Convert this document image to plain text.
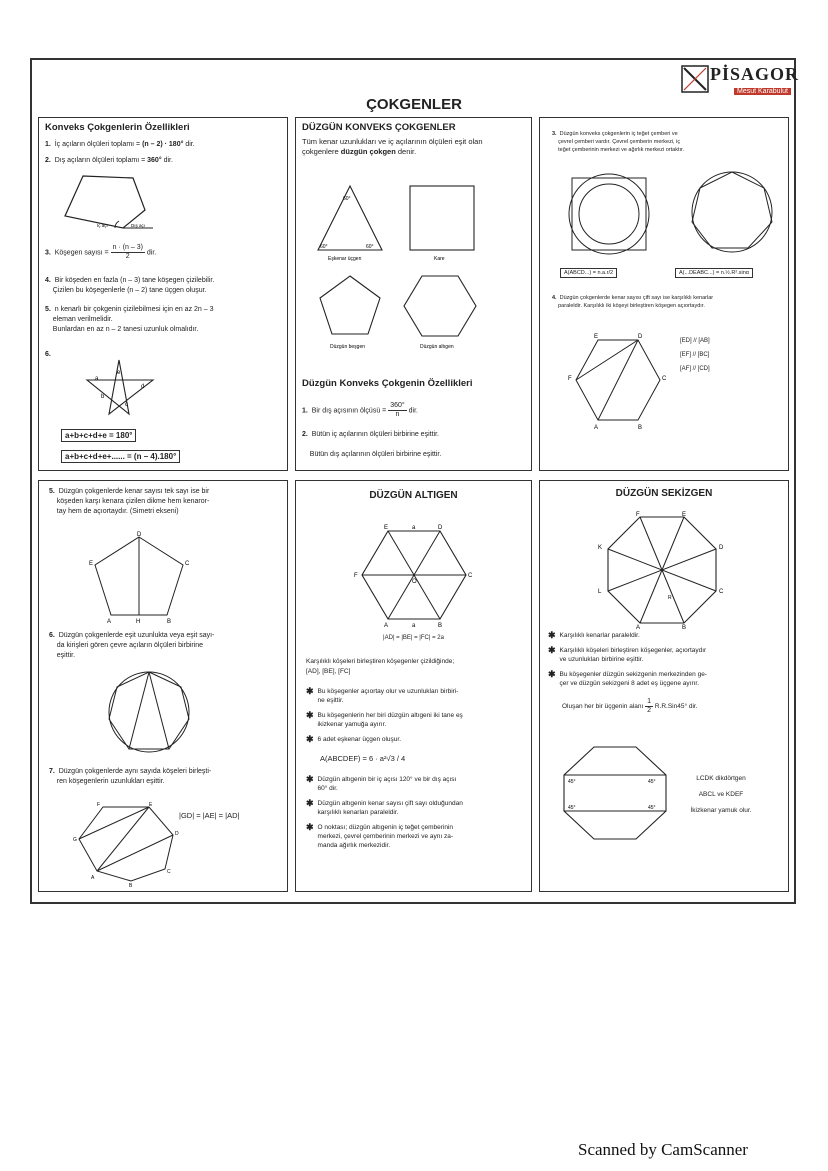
PİSAGOR
Mesut Karabulut
ÇOKGENLER
Konveks Çokgenlerin Özellikleri
1. İç açıların ölçüleri toplamı = (n – 2) · 180° dir.
2. Dış açıların ölçüleri toplamı = 360° dir.
İç açı	Dış açı
3. Köşegen sayısı = $\frac{n \cdot (n - 3)}{2}$ dir.
4. Bir köşeden en fazla (n – 3) tane köşegen çizilebilir.
Çizilen bu köşegenlerle (n – 2) tane üçgen oluşur.
5. n kenarlı bir çokgenin çizilebilmesi için en az 2n – 3
eleman verilmelidir.
Bunlardan en az n – 2 tanesi uzunluk olmalıdır.
6.
e
a
d
b
c
a+b+c+d+e = 180°
a+b+c+d+e+...... = (n – 4).180°
DÜZGÜN KONVEKS ÇOKGENLER
Tüm kenar uzunlukları ve iç açılarının ölçüleri eşit olan
çokgenlere düzgün çokgen denir.
60°
60°	60°
Eşkenar üçgen	Kare
Düzgün beşgen	Düzgün altıgen
Düzgün Konveks Çokgenin Özellikleri
1. Bir dış açısının ölçüsü = $\frac{360^\circ}{n}$ dir.
2. Bütün iç açılarının ölçüleri birbirine eşittir.

Bütün dış açılarının ölçüleri birbirine eşittir.
3. Düzgün konveks çokgenlerin iç teğet çemberi ve
çevrel çemberi vardır. Çevrel çemberin merkezi, iç
teğet çemberinin merkezi ve ağırlık merkezi ortaktır.
A(ABCD...) = n.a.r/2	A(...DEABC...) = n.½.R².sinα
4. Düzgün çokgenlerde kenar sayısı çift sayı ise karşılıklı kenarlar
paraleldir. Karşılıklı iki köşeyi birleştiren köşegen açıortaydır.
E	D
F	C
A	B
[ED] // [AB]
[EF] // [BC]
[AF] // [CD]
5. Düzgün çokgenlerde kenar sayısı tek sayı ise bir
köşeden karşı kenara çizilen dikme hem kenaror-
tay hem de açıortaydır. (Simetri ekseni)
D
E	C
A	H	B
6. Düzgün çokgenlerde eşit uzunlukta veya eşit sayı-
da kirişleri gören çevre açıların ölçüleri birbirine
eşittir.
7. Düzgün çokgenlerde aynı sayıda köşeleri birleşti-
ren köşegenlerin uzunlukları eşittir.
F	E
D
G
C
A
B
|GD| = |AE| = |AD|
DÜZGÜN ALTIGEN
E	D
F	C
A	B
O
a
a
|AD| = |BE| = |FC| = 2a
Karşılıklı köşeleri birleştiren köşegenler çizildiğinde;
[AD], [BE], [FC]
✱ Bu köşegenler açıortay olur ve uzunlukları birbiri-
ne eşittir.
✱ Bu köşegenlerin her biri düzgün altıgeni iki tane eş
ikizkenar yamuğa ayırır.
✱ 6 adet eşkenar üçgen oluşur.
A(ABCDEF) = 6 · a²√3 / 4
✱ Düzgün altıgenin bir iç açısı 120° ve bir dış açısı
60° dir.
✱ Düzgün altıgenin kenar sayısı çift sayı olduğundan
karşılıklı kenarları paraleldir.
✱ O noktası; düzgün altıgenin iç teğet çemberinin
merkezi, çevrel çemberinin merkezi ve aynı za-
manda ağırlık merkezidir.
DÜZGÜN SEKİZGEN
F	E
K	D
L	C
A	B
R
✱ Karşılıklı kenarlar paraleldir.
✱ Karşılıklı köşeleri birleştiren köşegenler, açıortaydır
ve uzunlukları birbirine eşittir.
✱ Bu köşegenler düzgün sekizgenin merkezinden ge-
çer ve düzgün sekizgeni 8 adet eş üçgene ayırır.
Oluşan her bir üçgenin alanı $\frac{1}{2} R.R.Sin45^\circ$ dir.
45°	45°
45°	45°
LCDK dikdörtgen
ABCL ve KDEF
İkizkenar yamuk olur.
Scanned by CamScanner
